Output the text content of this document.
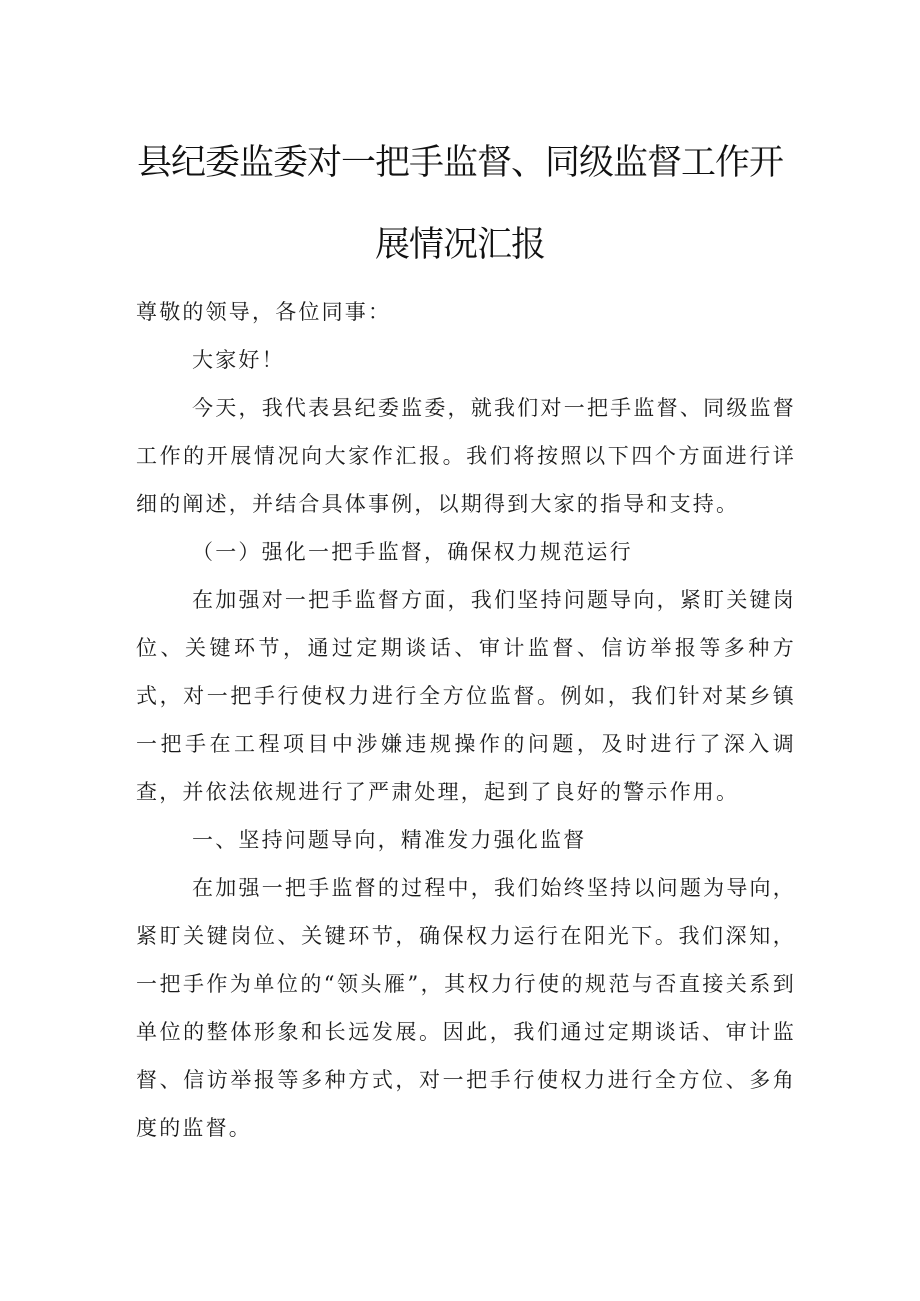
县纪委监委对一把手监督、同级监督工作开
展情况汇报

尊敬的领导，各位同事：

大家好！

今天，我代表县纪委监委，就我们对一把手监督、同级监督工作的开展情况向大家作汇报。我们将按照以下四个方面进行详细的阐述，并结合具体事例，以期得到大家的指导和支持。

（一）强化一把手监督，确保权力规范运行

在加强对一把手监督方面，我们坚持问题导向，紧盯关键岗位、关键环节，通过定期谈话、审计监督、信访举报等多种方式，对一把手行使权力进行全方位监督。例如，我们针对某乡镇一把手在工程项目中涉嫌违规操作的问题，及时进行了深入调查，并依法依规进行了严肃处理，起到了良好的警示作用。

一、坚持问题导向，精准发力强化监督

在加强一把手监督的过程中，我们始终坚持以问题为导向，紧盯关键岗位、关键环节，确保权力运行在阳光下。我们深知，一把手作为单位的“领头雁”，其权力行使的规范与否直接关系到单位的整体形象和长远发展。因此，我们通过定期谈话、审计监督、信访举报等多种方式，对一把手行使权力进行全方位、多角度的监督。
